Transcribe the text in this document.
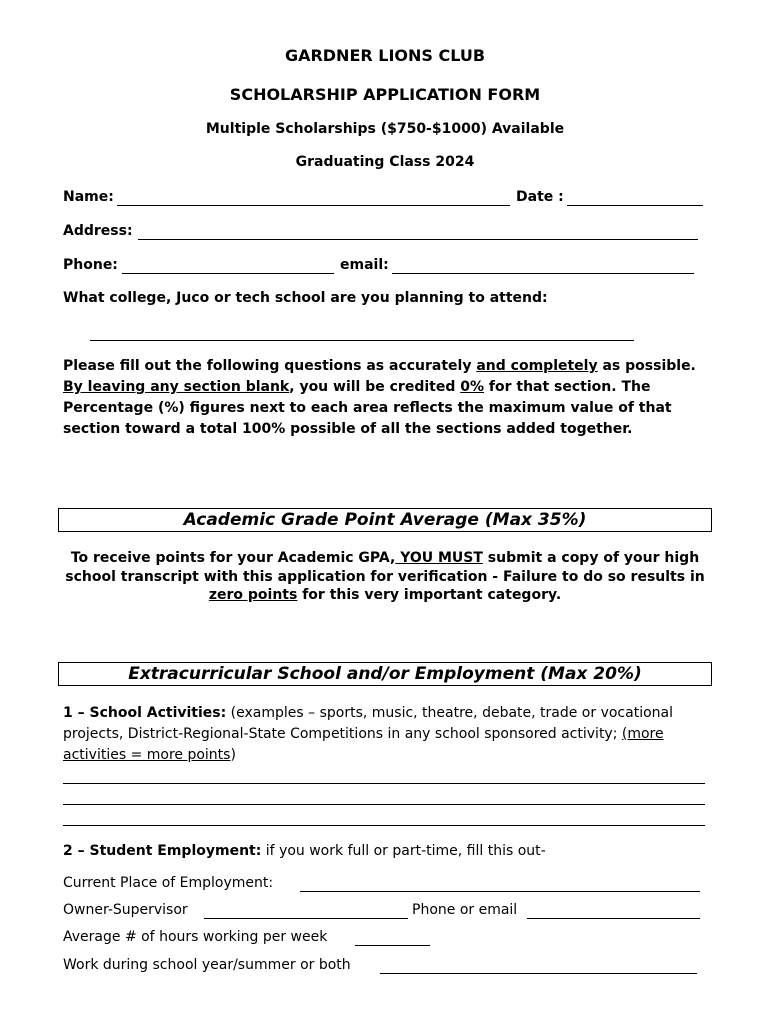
GARDNER LIONS CLUB
SCHOLARSHIP APPLICATION FORM
Multiple Scholarships ($750-$1000) Available
Graduating Class 2024
Name:	Date :
Address:
Phone:	email:
What college, Juco or tech school are you planning to attend:
Please fill out the following questions as accurately and completely as possible. By leaving any section blank, you will be credited 0% for that section. The Percentage (%) figures next to each area reflects the maximum value of that section toward a total 100% possible of all the sections added together.
Academic Grade Point Average (Max 35%)
To receive points for your Academic GPA, YOU MUST submit a copy of your high school transcript with this application for verification - Failure to do so results in zero points for this very important category.
Extracurricular School and/or Employment (Max 20%)
1 – School Activities: (examples – sports, music, theatre, debate, trade or vocational projects, District-Regional-State Competitions in any school sponsored activity; (more activities = more points)
2 – Student Employment: if you work full or part-time, fill this out-
Current Place of Employment:
Owner-Supervisor	Phone or email
Average # of hours working per week
Work during school year/summer or both
